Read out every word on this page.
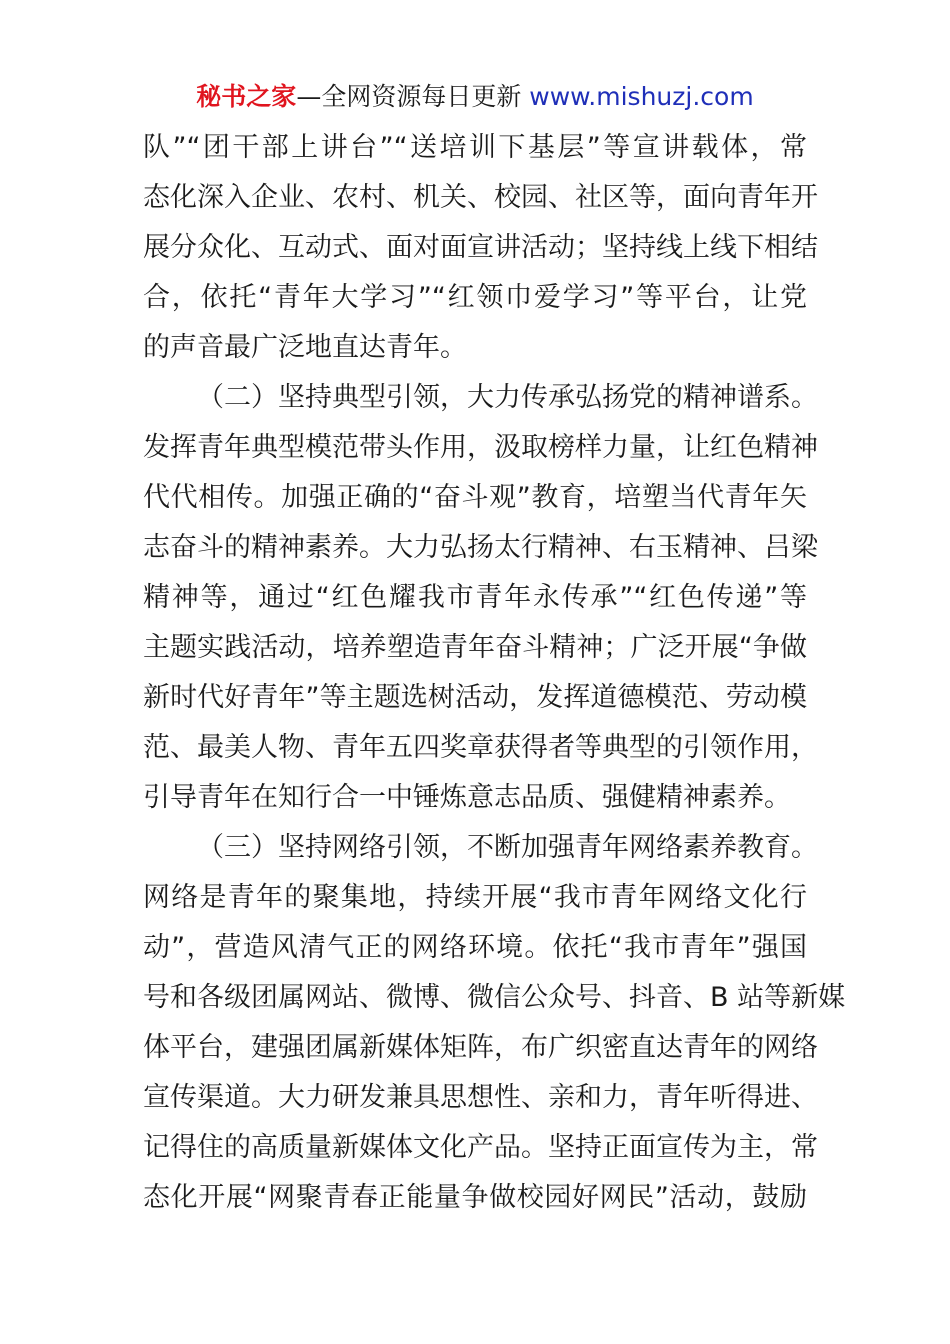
秘书之家—全网资源每日更新 www.mishuzj.com
队”“团干部上讲台”“送培训下基层”等宣讲载体，常
态化深入企业、农村、机关、校园、社区等，面向青年开
展分众化、互动式、面对面宣讲活动；坚持线上线下相结
合，依托“青年大学习”“红领巾爱学习”等平台，让党
的声音最广泛地直达青年。
（二）坚持典型引领，大力传承弘扬党的精神谱系。
发挥青年典型模范带头作用，汲取榜样力量，让红色精神
代代相传。加强正确的“奋斗观”教育，培塑当代青年矢
志奋斗的精神素养。大力弘扬太行精神、右玉精神、吕梁
精神等，通过“红色耀我市青年永传承”“红色传递”等
主题实践活动，培养塑造青年奋斗精神；广泛开展“争做
新时代好青年”等主题选树活动，发挥道德模范、劳动模
范、最美人物、青年五四奖章获得者等典型的引领作用，
引导青年在知行合一中锤炼意志品质、强健精神素养。
（三）坚持网络引领，不断加强青年网络素养教育。
网络是青年的聚集地，持续开展“我市青年网络文化行
动”，营造风清气正的网络环境。依托“我市青年”强国
号和各级团属网站、微博、微信公众号、抖音、B 站等新媒
体平台，建强团属新媒体矩阵，布广织密直达青年的网络
宣传渠道。大力研发兼具思想性、亲和力，青年听得进、
记得住的高质量新媒体文化产品。坚持正面宣传为主，常
态化开展“网聚青春正能量争做校园好网民”活动，鼓励
